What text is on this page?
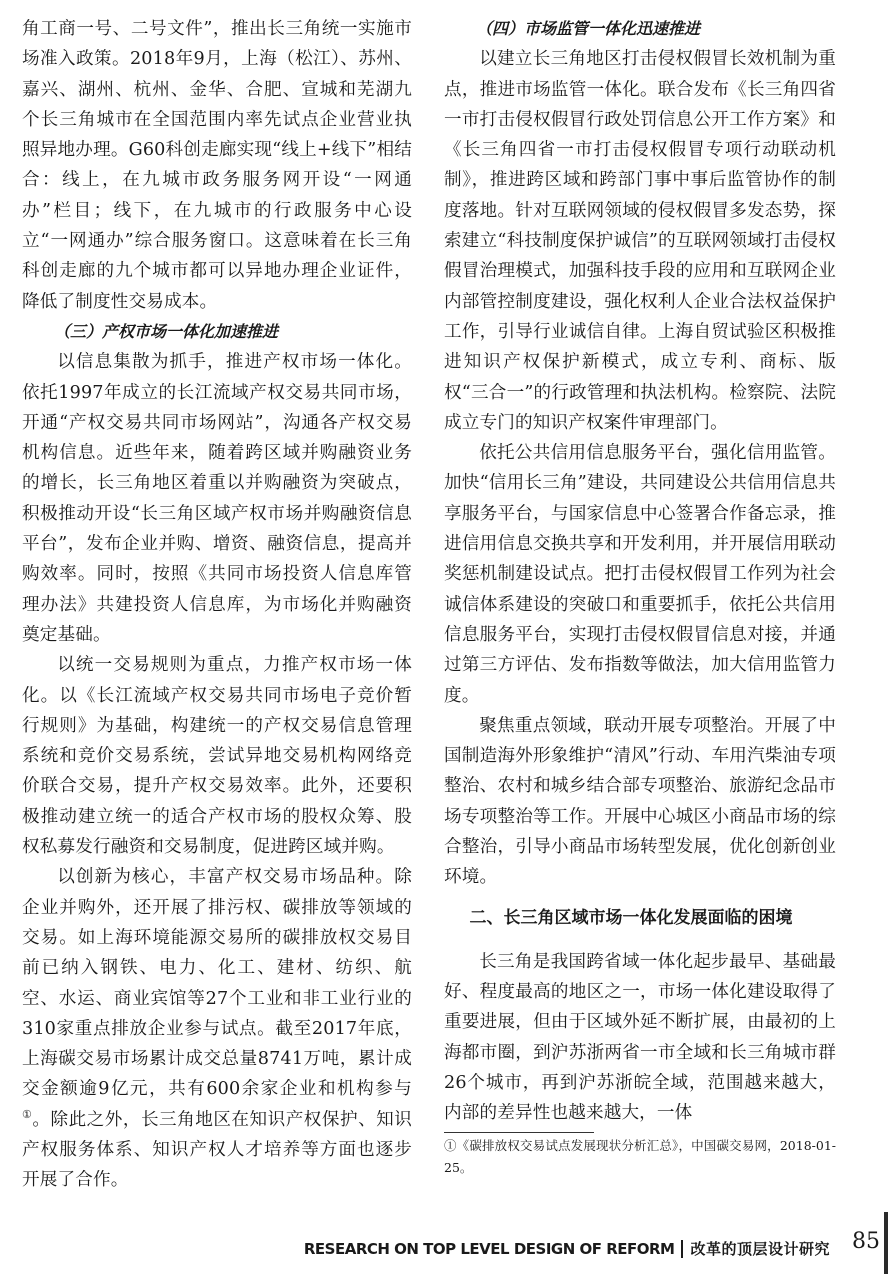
角工商一号、二号文件”，推出长三角统一实施市场准入政策。2018年9月，上海（松江）、苏州、嘉兴、湖州、杭州、金华、合肥、宣城和芜湖九个长三角城市在全国范围内率先试点企业营业执照异地办理。G60科创走廊实现“线上+线下”相结合：线上，在九城市政务服务网开设“一网通办”栏目；线下，在九城市的行政服务中心设立“一网通办”综合服务窗口。这意味着在长三角科创走廊的九个城市都可以异地办理企业证件，降低了制度性交易成本。

（三）产权市场一体化加速推进

以信息集散为抓手，推进产权市场一体化。依托1997年成立的长江流域产权交易共同市场，开通“产权交易共同市场网站”，沟通各产权交易机构信息。近些年来，随着跨区域并购融资业务的增长，长三角地区着重以并购融资为突破点，积极推动开设“长三角区域产权市场并购融资信息平台”，发布企业并购、增资、融资信息，提高并购效率。同时，按照《共同市场投资人信息库管理办法》共建投资人信息库，为市场化并购融资奠定基础。

以统一交易规则为重点，力推产权市场一体化。以《长江流域产权交易共同市场电子竞价暂行规则》为基础，构建统一的产权交易信息管理系统和竞价交易系统，尝试异地交易机构网络竞价联合交易，提升产权交易效率。此外，还要积极推动建立统一的适合产权市场的股权众筹、股权私募发行融资和交易制度，促进跨区域并购。

以创新为核心，丰富产权交易市场品种。除企业并购外，还开展了排污权、碳排放等领域的交易。如上海环境能源交易所的碳排放权交易目前已纳入钢铁、电力、化工、建材、纺织、航空、水运、商业宾馆等27个工业和非工业行业的310家重点排放企业参与试点。截至2017年底，上海碳交易市场累计成交总量8741万吨，累计成交金额逾9亿元，共有600余家企业和机构参与①。除此之外，长三角地区在知识产权保护、知识产权服务体系、知识产权人才培养等方面也逐步开展了合作。

（四）市场监管一体化迅速推进

以建立长三角地区打击侵权假冒长效机制为重点，推进市场监管一体化。联合发布《长三角四省一市打击侵权假冒行政处罚信息公开工作方案》和《长三角四省一市打击侵权假冒专项行动联动机制》，推进跨区域和跨部门事中事后监管协作的制度落地。针对互联网领域的侵权假冒多发态势，探索建立“科技制度保护诚信”的互联网领域打击侵权假冒治理模式，加强科技手段的应用和互联网企业内部管控制度建设，强化权利人企业合法权益保护工作，引导行业诚信自律。上海自贸试验区积极推进知识产权保护新模式，成立专利、商标、版权“三合一”的行政管理和执法机构。检察院、法院成立专门的知识产权案件审理部门。

依托公共信用信息服务平台，强化信用监管。加快“信用长三角”建设，共同建设公共信用信息共享服务平台，与国家信息中心签署合作备忘录，推进信用信息交换共享和开发利用，并开展信用联动奖惩机制建设试点。把打击侵权假冒工作列为社会诚信体系建设的突破口和重要抓手，依托公共信用信息服务平台，实现打击侵权假冒信息对接，并通过第三方评估、发布指数等做法，加大信用监管力度。

聚焦重点领域，联动开展专项整治。开展了中国制造海外形象维护“清风”行动、车用汽柴油专项整治、农村和城乡结合部专项整治、旅游纪念品市场专项整治等工作。开展中心城区小商品市场的综合整治，引导小商品市场转型发展，优化创新创业环境。

二、长三角区域市场一体化发展面临的困境

长三角是我国跨省域一体化起步最早、基础最好、程度最高的地区之一，市场一体化建设取得了重要进展，但由于区域外延不断扩展，由最初的上海都市圈，到沪苏浙两省一市全域和长三角城市群26个城市，再到沪苏浙皖全域，范围越来越大，内部的差异性也越来越大，一体

①《碳排放权交易试点发展现状分析汇总》，中国碳交易网，2018-01-25。

RESEARCH ON TOP LEVEL DESIGN OF REFORM 改革的顶层设计研究 85
